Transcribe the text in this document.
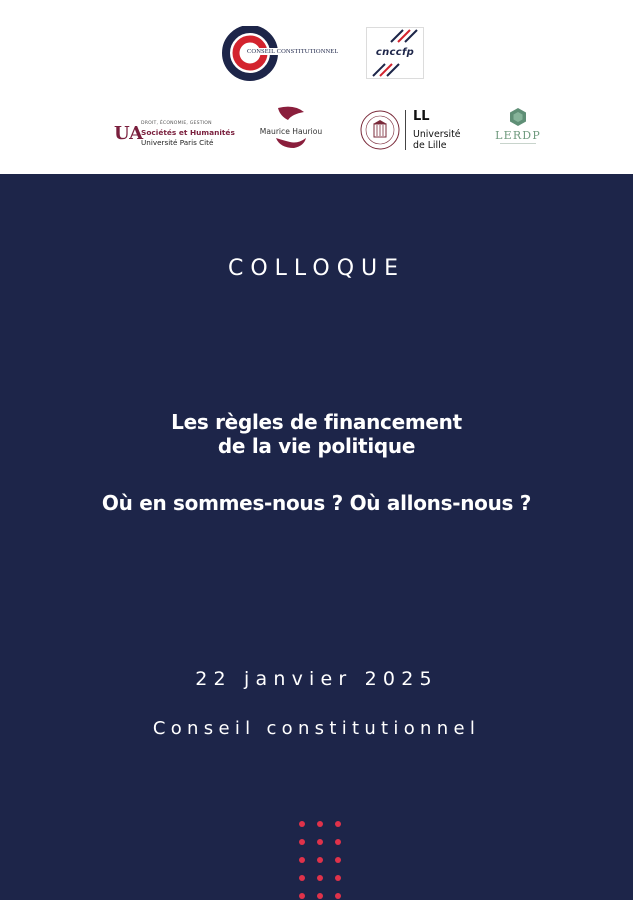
CONSEIL CONSTITUTIONNEL	cnccfp
UA
DROIT, ÉCONOMIE, GESTION
Sociétés et Humanités
Université Paris Cité
Maurice Hauriou
LL
Université
de Lille
LERDP
COLLOQUE
Les règles de financement
de la vie politique
Où en sommes-nous ? Où allons-nous ?
22 janvier 2025
Conseil constitutionnel
